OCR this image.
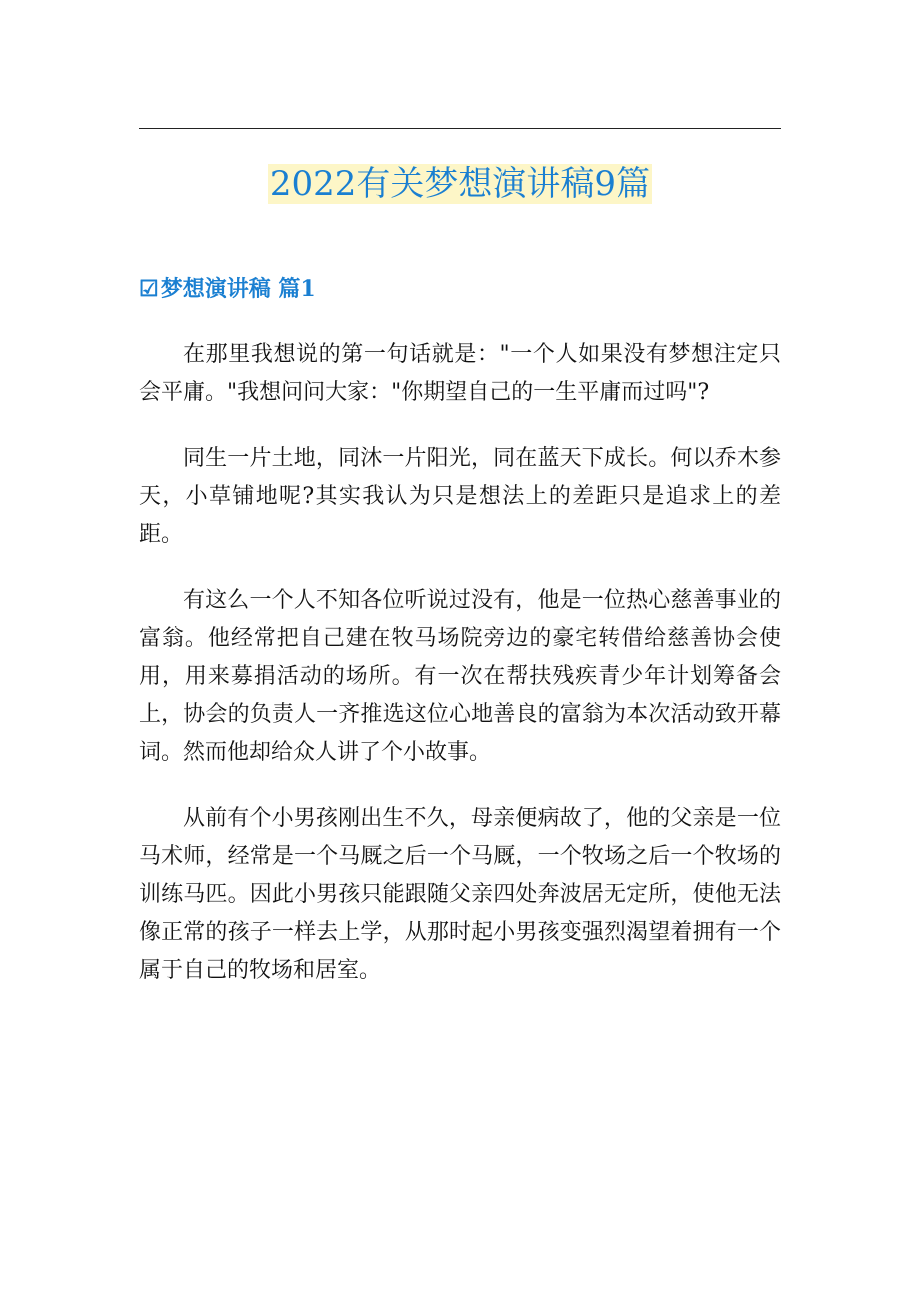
2022有关梦想演讲稿9篇
☑梦想演讲稿 篇1

在那里我想说的第一句话就是："一个人如果没有梦想注定只会平庸。"我想问问大家："你期望自己的一生平庸而过吗"?

同生一片土地，同沐一片阳光，同在蓝天下成长。何以乔木参天，小草铺地呢?其实我认为只是想法上的差距只是追求上的差距。

有这么一个人不知各位听说过没有，他是一位热心慈善事业的富翁。他经常把自己建在牧马场院旁边的豪宅转借给慈善协会使用，用来募捐活动的场所。有一次在帮扶残疾青少年计划筹备会上，协会的负责人一齐推选这位心地善良的富翁为本次活动致开幕词。然而他却给众人讲了个小故事。

从前有个小男孩刚出生不久，母亲便病故了，他的父亲是一位马术师，经常是一个马厩之后一个马厩，一个牧场之后一个牧场的训练马匹。因此小男孩只能跟随父亲四处奔波居无定所，使他无法像正常的孩子一样去上学，从那时起小男孩变强烈渴望着拥有一个属于自己的牧场和居室。
